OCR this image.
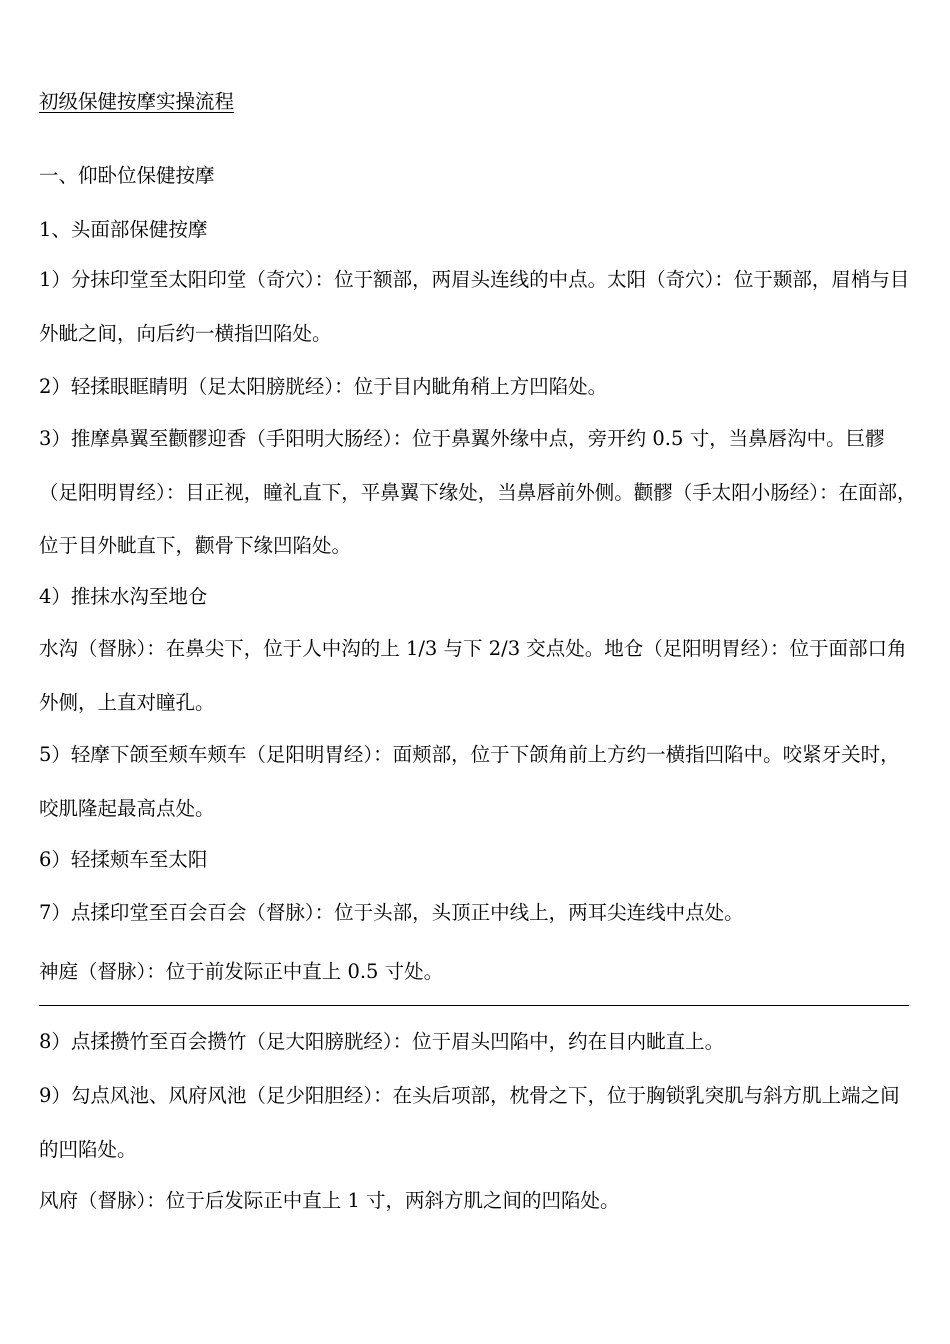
初级保健按摩实操流程

一、仰卧位保健按摩

1、头面部保健按摩

1）分抹印堂至太阳印堂（奇穴）：位于额部，两眉头连线的中点。太阳（奇穴）：位于颞部，眉梢与目外眦之间，向后约一横指凹陷处。

2）轻揉眼眶睛明（足太阳膀胱经）：位于目内眦角稍上方凹陷处。

3）推摩鼻翼至颧髎迎香（手阳明大肠经）：位于鼻翼外缘中点，旁开约 0.5 寸，当鼻唇沟中。巨髎（足阳明胃经）：目正视，瞳礼直下，平鼻翼下缘处，当鼻唇前外侧。颧髎（手太阳小肠经）：在面部，位于目外眦直下，颧骨下缘凹陷处。

4）推抹水沟至地仓

水沟（督脉）：在鼻尖下，位于人中沟的上 1/3 与下 2/3 交点处。地仓（足阳明胃经）：位于面部口角外侧，上直对瞳孔。

5）轻摩下颌至颊车颊车（足阳明胃经）：面颊部，位于下颌角前上方约一横指凹陷中。咬紧牙关时，咬肌隆起最高点处。

6）轻揉颊车至太阳

7）点揉印堂至百会百会（督脉）：位于头部，头顶正中线上，两耳尖连线中点处。

神庭（督脉）：位于前发际正中直上 0.5 寸处。

8）点揉攒竹至百会攒竹（足大阳膀胱经）：位于眉头凹陷中，约在目内眦直上。

9）勾点风池、风府风池（足少阳胆经）：在头后项部，枕骨之下，位于胸锁乳突肌与斜方肌上端之间的凹陷处。

风府（督脉）：位于后发际正中直上 1 寸，两斜方肌之间的凹陷处。
